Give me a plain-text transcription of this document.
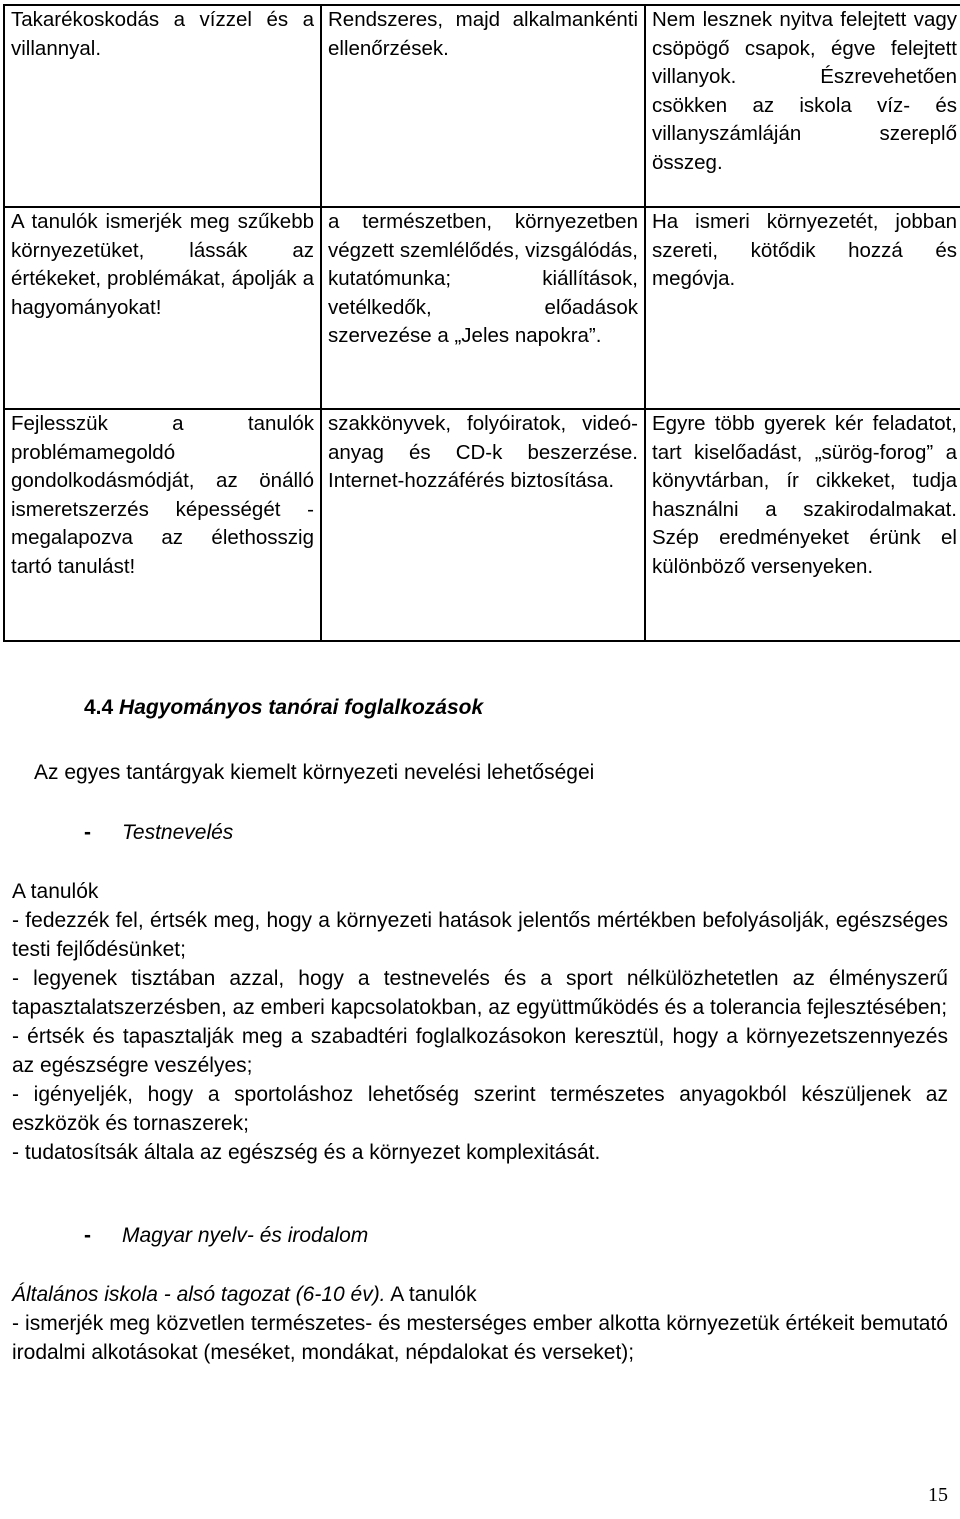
Takarékoskodás a vízzel és a villannyal.	Rendszeres, majd alkalmankénti ellenőrzések.	Nem lesznek nyitva felejtett vagy csöpögő csapok, égve felejtett villanyok. Észrevehetően csökken az iskola víz- és villanyszámláján szereplő összeg.

A tanulók ismerjék meg szűkebb környezetüket, lássák az értékeket, problémákat, ápolják a hagyományokat!	a természetben, környezetben végzett szemlélődés, vizsgálódás, kutatómunka; kiállítások, vetélkedők, előadások szervezése a „Jeles napokra”.	Ha ismeri környezetét, jobban szereti, kötődik hozzá és megóvja.

Fejlesszük a tanulók problémamegoldó gondolkodásmódját, az önálló ismeretszerzés képességét - megalapozva az élethosszig tartó tanulást!	szakkönyvek, folyóiratok, videó-anyag és CD-k beszerzése. Internet-hozzáférés biztosítása.	Egyre több gyerek kér feladatot, tart kiselőadást, „sürög-forog” a könyvtárban, ír cikkeket, tudja használni a szakirodalmakat. Szép eredményeket érünk el különböző versenyeken.
4.4 Hagyományos tanórai foglalkozások
Az egyes tantárgyak kiemelt környezeti nevelési lehetőségei
- Testnevelés

A tanulók

- fedezzék fel, értsék meg, hogy a környezeti hatások jelentős mértékben befolyásolják, egészséges testi fejlődésünket;

- legyenek tisztában azzal, hogy a testnevelés és a sport nélkülözhetetlen az élményszerű tapasztalatszerzésben, az emberi kapcsolatokban, az együttműködés és a tolerancia fejlesztésében;

- értsék és tapasztalják meg a szabadtéri foglalkozásokon keresztül, hogy a környezetszennyezés az egészségre veszélyes;

- igényeljék, hogy a sportoláshoz lehetőség szerint természetes anyagokból készüljenek az eszközök és tornaszerek;

- tudatosítsák általa az egészség és a környezet komplexitását.

- Magyar nyelv- és irodalom

Általános iskola - alsó tagozat (6-10 év). A tanulók

- ismerjék meg közvetlen természetes- és mesterséges ember alkotta környezetük értékeit bemutató irodalmi alkotásokat (meséket, mondákat, népdalokat és verseket);

15
